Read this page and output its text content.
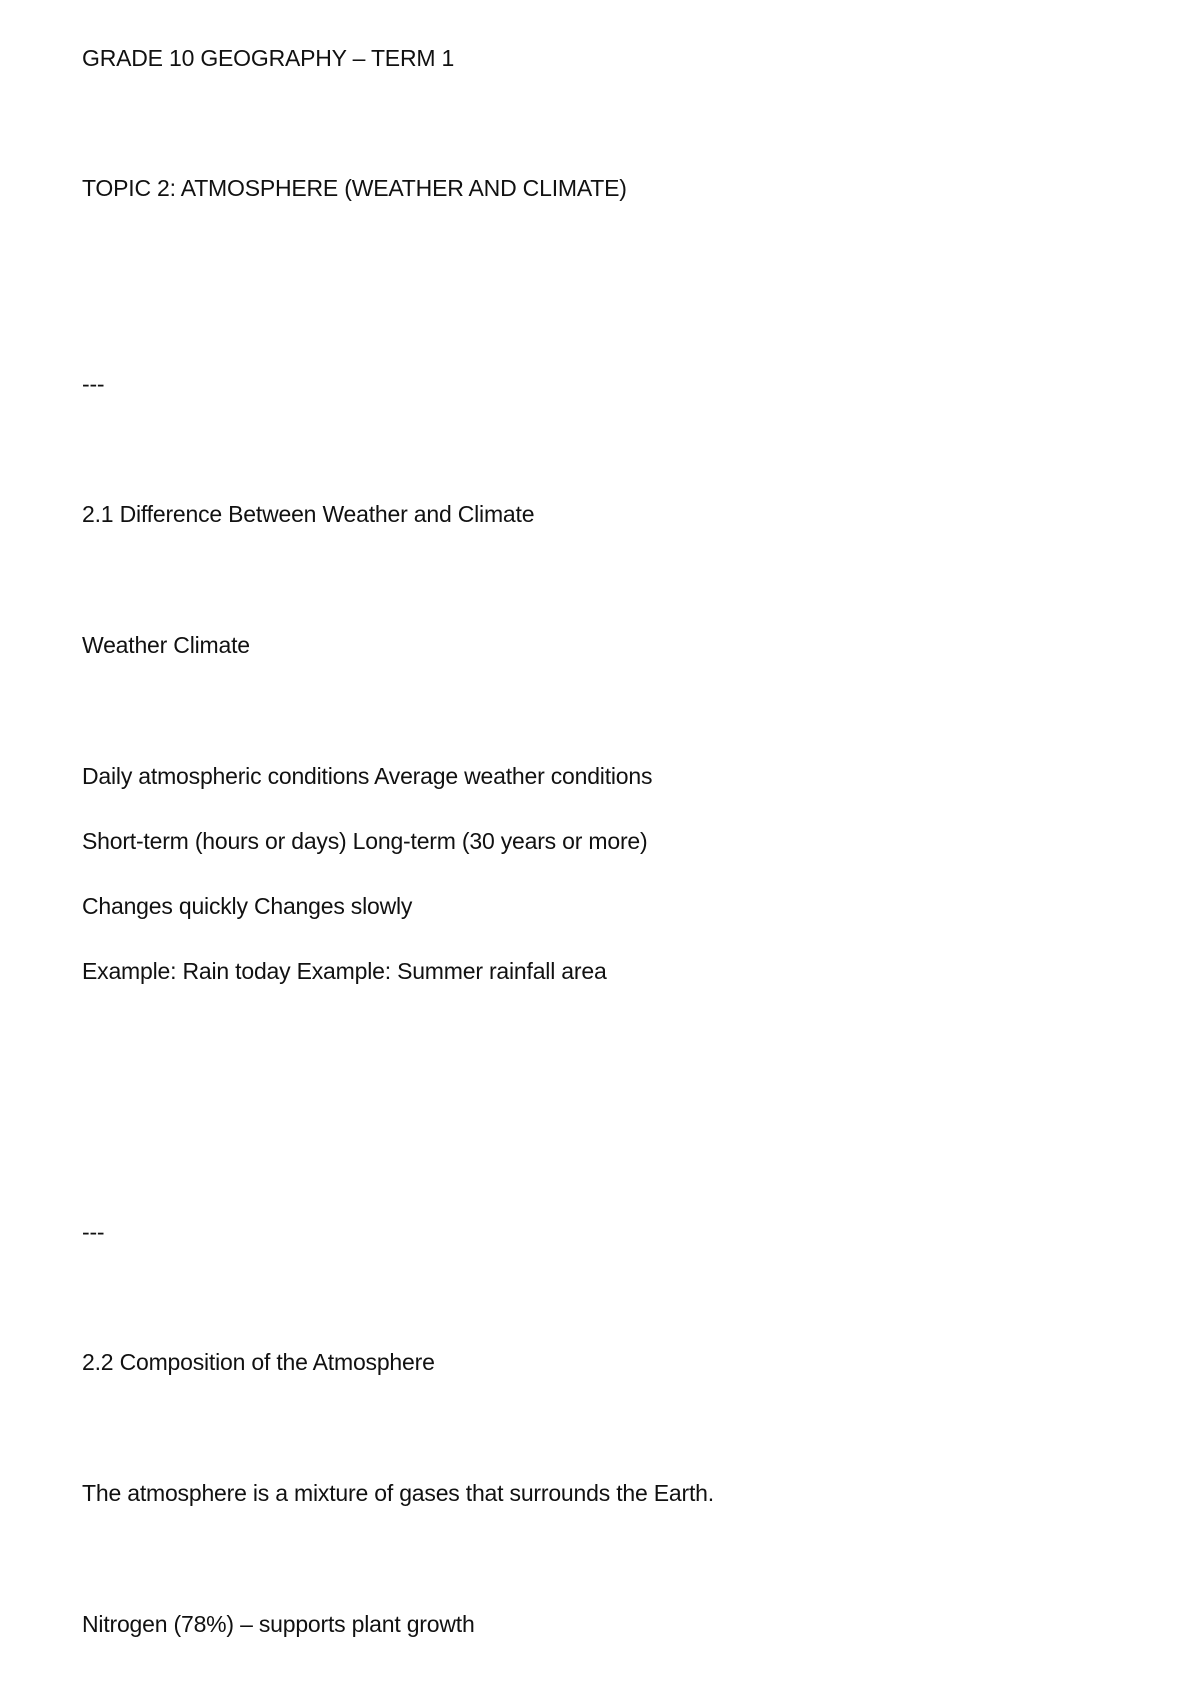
GRADE 10 GEOGRAPHY – TERM 1
TOPIC 2: ATMOSPHERE (WEATHER AND CLIMATE)
---
2.1 Difference Between Weather and Climate
Weather Climate
Daily atmospheric conditions Average weather conditions
Short-term (hours or days) Long-term (30 years or more)
Changes quickly Changes slowly
Example: Rain today Example: Summer rainfall area
---
2.2 Composition of the Atmosphere
The atmosphere is a mixture of gases that surrounds the Earth.
Nitrogen (78%) – supports plant growth
